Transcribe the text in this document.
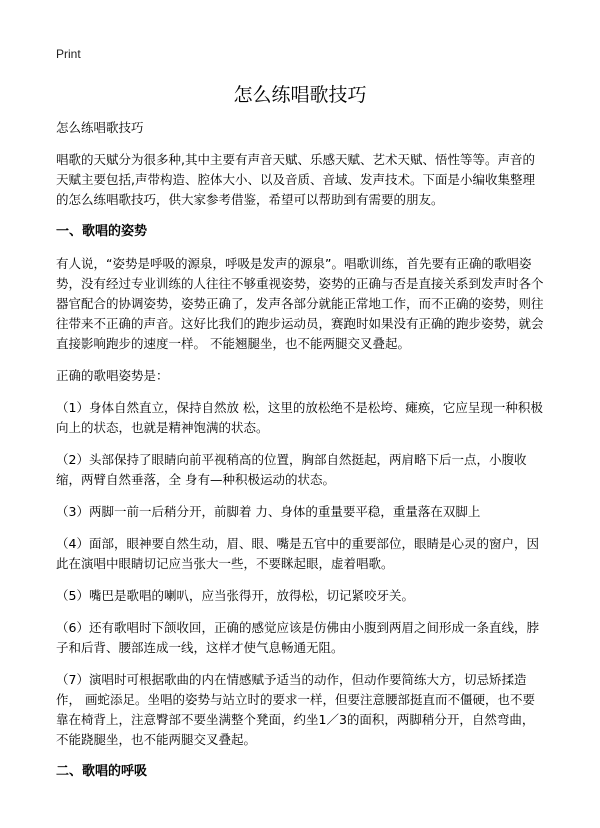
Print
怎么练唱歌技巧

怎么练唱歌技巧

唱歌的天赋分为很多种,其中主要有声音天赋、乐感天赋、艺术天赋、悟性等等。声音的天赋主要包括,声带构造、腔体大小、以及音质、音域、发声技术。下面是小编收集整理的怎么练唱歌技巧，供大家参考借鉴，希望可以帮助到有需要的朋友。

一、歌唱的姿势

有人说，“姿势是呼吸的源泉，呼吸是发声的源泉”。唱歌训练，首先要有正确的歌唱姿势，没有经过专业训练的人往往不够重视姿势，姿势的正确与否是直接关系到发声时各个器官配合的协调姿势，姿势正确了，发声各部分就能正常地工作，而不正确的姿势，则往往带来不正确的声音。这好比我们的跑步运动员，赛跑时如果没有正确的跑步姿势，就会直接影响跑步的速度一样。 不能翘腿坐，也不能两腿交叉叠起。

正确的歌唱姿势是：

（1）身体自然直立，保持自然放 松，这里的放松绝不是松垮、瘫痪，它应呈现一种积极向上的状态，也就是精神饱满的状态。

（2）头部保持了眼睛向前平视稍高的位置，胸部自然挺起，两肩略下后一点，小腹收缩，两臂自然垂落，全 身有—种积极运动的状态。

（3）两脚一前一后稍分开，前脚着 力、身体的重量要平稳，重量落在双脚上

（4）面部，眼神要自然生动，眉、眼、嘴是五官中的重要部位，眼睛是心灵的窗户，因此在演唱中眼睛切记应当张大一些，不要眯起眼，虚着唱歌。

（5）嘴巴是歌唱的喇叭，应当张得开，放得松，切记紧咬牙关。

（6）还有歌唱时下颌收回，正确的感觉应该是仿佛由小腹到两眉之间形成一条直线，脖子和后背、腰部连成一线，这样才使气息畅通无阻。

（7）演唱时可根据歌曲的内在情感赋予适当的动作，但动作要简练大方，切忌矫揉造作， 画蛇添足。坐唱的姿势与站立时的要求一样，但要注意腰部挺直而不僵硬，也不要靠在椅背上，注意臀部不要坐满整个凳面，约坐1／3的面积，两脚稍分开，自然弯曲，不能跷腿坐，也不能两腿交叉叠起。

二、歌唱的呼吸
